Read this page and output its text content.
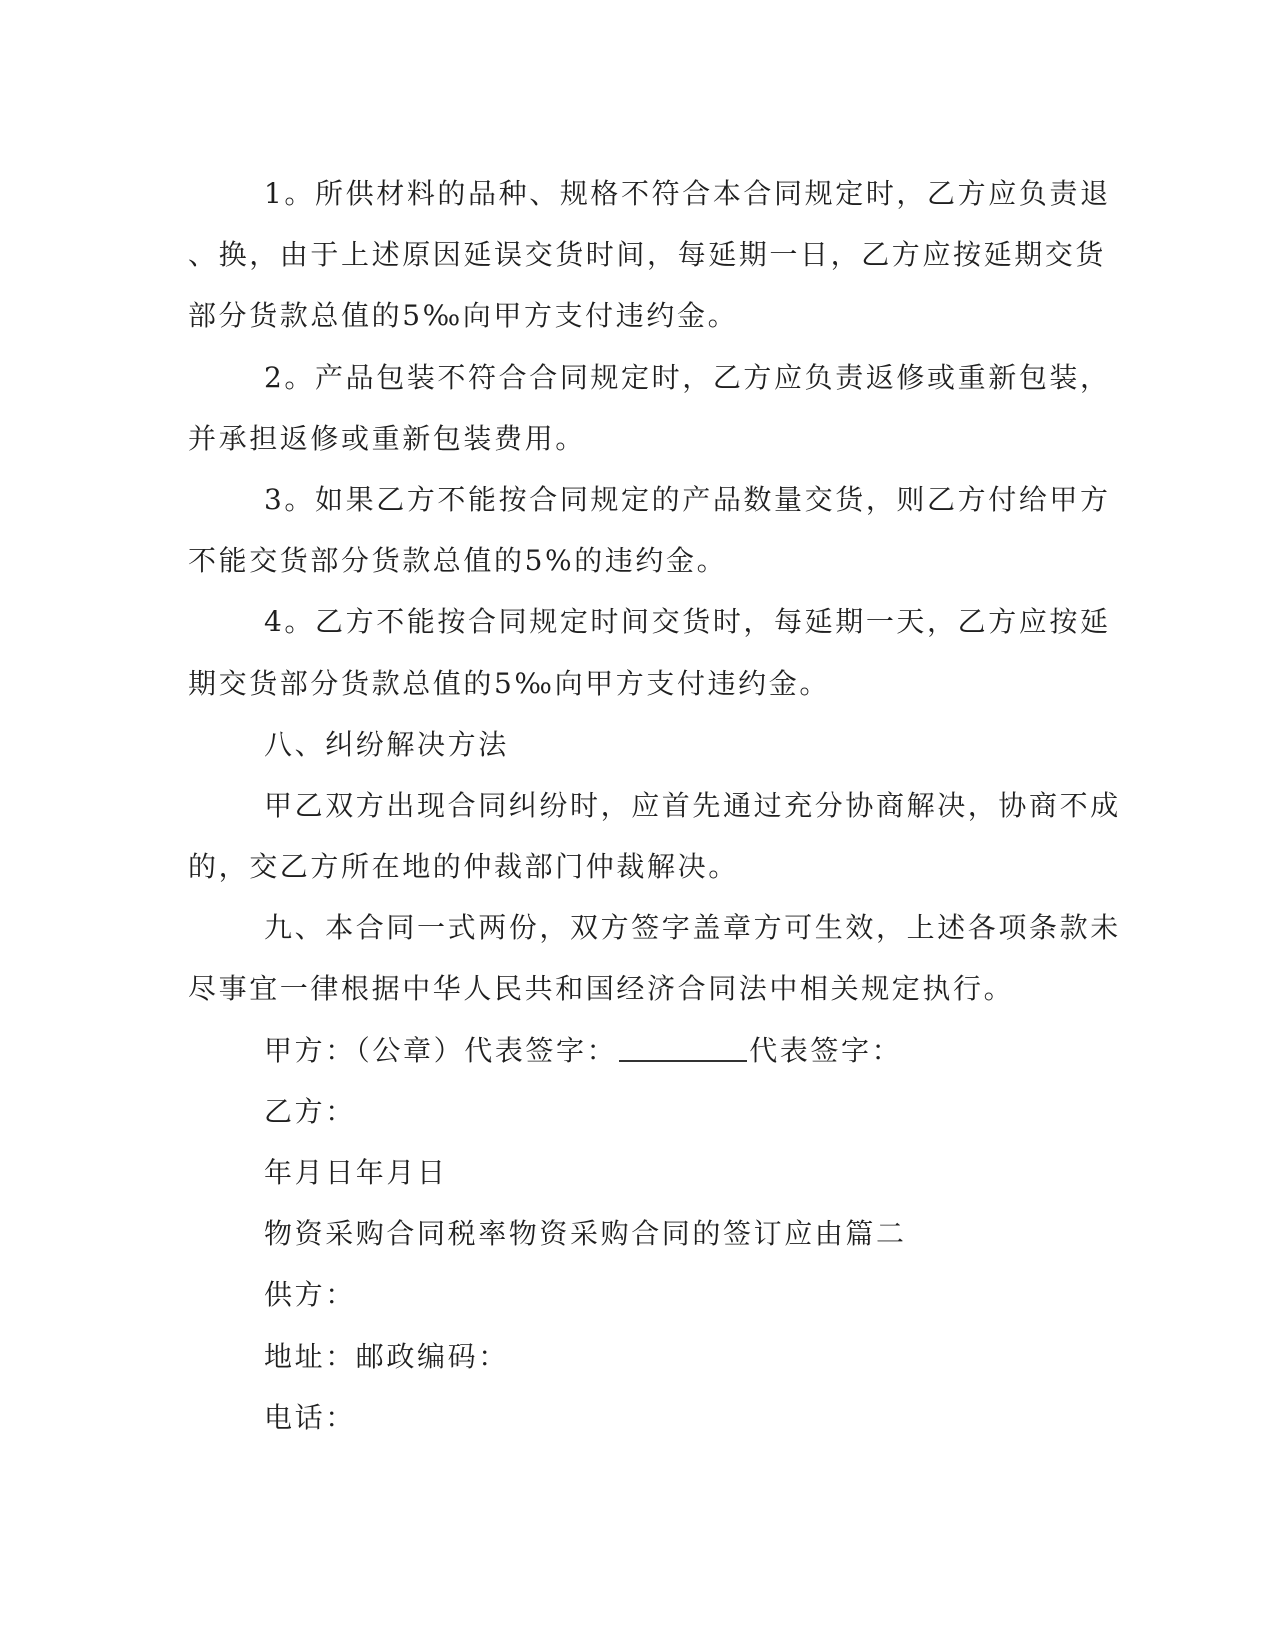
1。所供材料的品种、规格不符合本合同规定时，乙方应负责退
、换，由于上述原因延误交货时间，每延期一日，乙方应按延期交货
部分货款总值的5‰向甲方支付违约金。
2。产品包装不符合合同规定时，乙方应负责返修或重新包装，
并承担返修或重新包装费用。
3。如果乙方不能按合同规定的产品数量交货，则乙方付给甲方
不能交货部分货款总值的5%的违约金。
4。乙方不能按合同规定时间交货时，每延期一天，乙方应按延
期交货部分货款总值的5‰向甲方支付违约金。
八、纠纷解决方法
甲乙双方出现合同纠纷时，应首先通过充分协商解决，协商不成
的，交乙方所在地的仲裁部门仲裁解决。
九、本合同一式两份，双方签字盖章方可生效，上述各项条款未
尽事宜一律根据中华人民共和国经济合同法中相关规定执行。
甲方：（公章）代表签字：	代表签字：
乙方：
年月日年月日
物资采购合同税率物资采购合同的签订应由篇二
供方：
地址：邮政编码：
电话：
